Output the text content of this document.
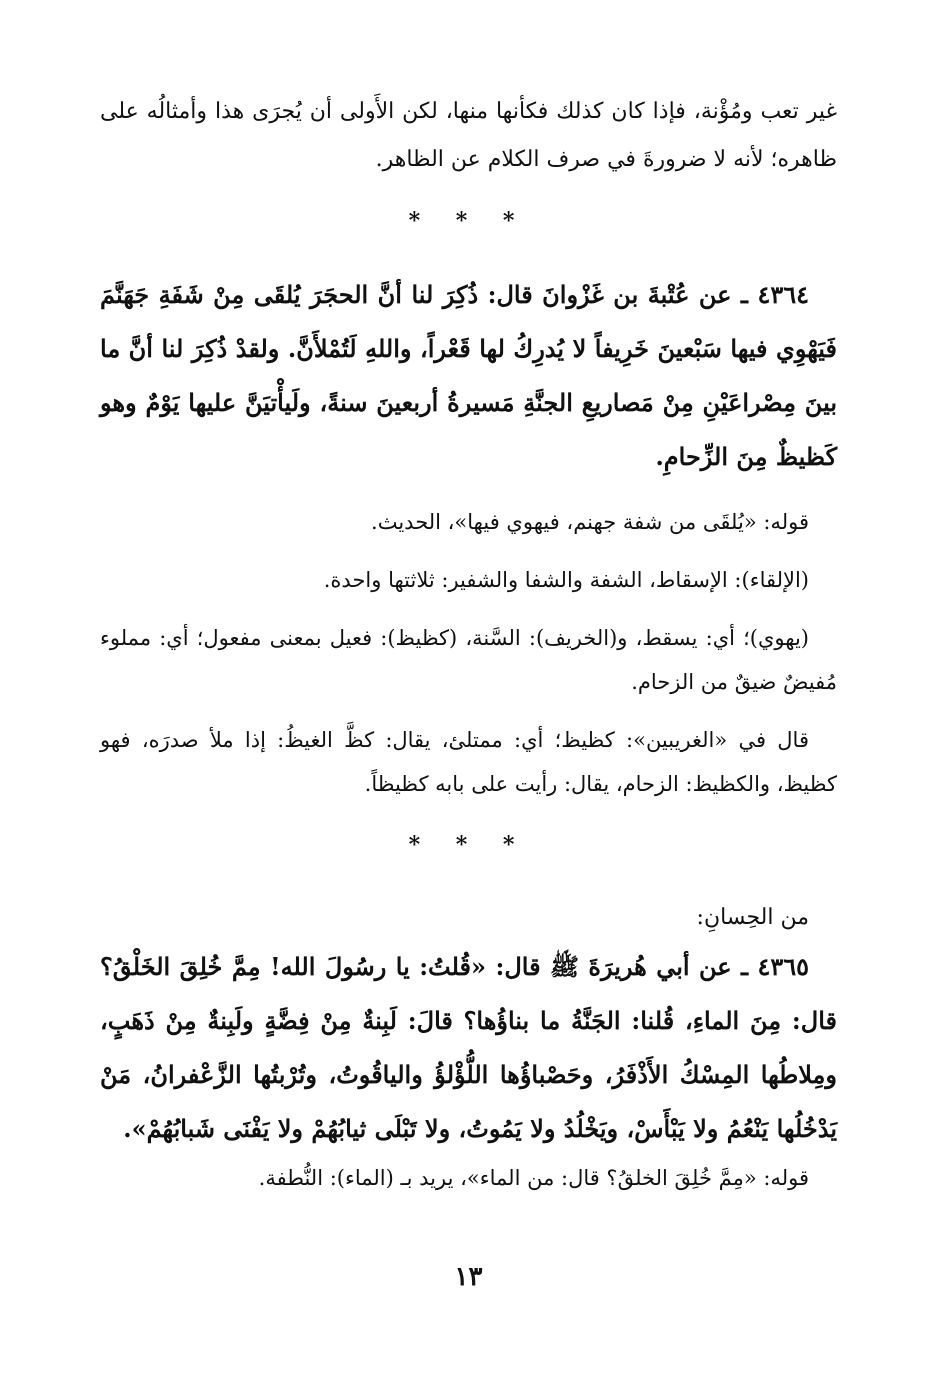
غير تعب ومُؤْنة، فإذا كان كذلك فكأنها منها، لكن الأَولى أن يُجرَى هذا وأمثالُه على ظاهره؛ لأنه لا ضرورةَ في صرف الكلام عن الظاهر.

* * *

٤٣٦٤ ـ عن عُتْبةَ بن غَزْوانَ قال: ذُكِرَ لنا أنَّ الحجَرَ يُلقَى مِنْ شَفَةِ جَهَنَّمَ فَيَهْوِي فيها سَبْعينَ خَرِيفاً لا يُدرِكُ لها قَعْراً، واللهِ لَتُمْلأَنَّ. ولقدْ ذُكِرَ لنا أنَّ ما بينَ مِصْراعَيْنِ مِنْ مَصاريعِ الجنَّةِ مَسيرةُ أربعينَ سنةً، ولَيأْتيَنَّ عليها يَوْمٌ وهو كَظيظٌ مِنَ الزِّحامِ.

قوله: «يُلقَى من شفة جهنم، فيهوي فيها»، الحديث.

(الإلقاء): الإسقاط، الشفة والشفا والشفير: ثلاثتها واحدة.

(يهوي)؛ أي: يسقط، و(الخريف): السَّنة، (كظيظ): فعيل بمعنى مفعول؛ أي: مملوء مُفيضٌ ضيقٌ من الزحام.

قال في «الغريبين»: كظيظ؛ أي: ممتلئ، يقال: كظَّ الغيظُ: إذا ملأ صدرَه، فهو كظيظ، والكظيظ: الزحام، يقال: رأيت على بابه كظيظاً.

* * *

من الحِسانِ:

٤٣٦٥ ـ عن أبي هُريرَةَ ﷺ قال: «قُلتُ: يا رسُولَ الله! مِمَّ خُلِقَ الخَلْقُ؟ قال: مِنَ الماءِ، قُلنا: الجَنَّةُ ما بناؤُها؟ قالَ: لَبِنةٌ مِنْ فِضَّةٍ ولَبِنةٌ مِنْ ذَهَبٍ، ومِلاطُها المِسْكُ الأَذْفَرُ، وحَصْباؤُها اللُّؤْلؤُ والياقُوتُ، وتُرْبتُها الزَّعْفرانُ، مَنْ يَدْخُلُها يَنْعُمُ ولا يَبْأَسْ، ويَخْلُدُ ولا يَمُوتُ، ولا تَبْلَى ثيابُهُمْ ولا يَفْنَى شَبابُهُمْ».

قوله: «مِمَّ خُلِقَ الخلقُ؟ قال: من الماء»، يريد بـ (الماء): النُّطفة.

١٣
